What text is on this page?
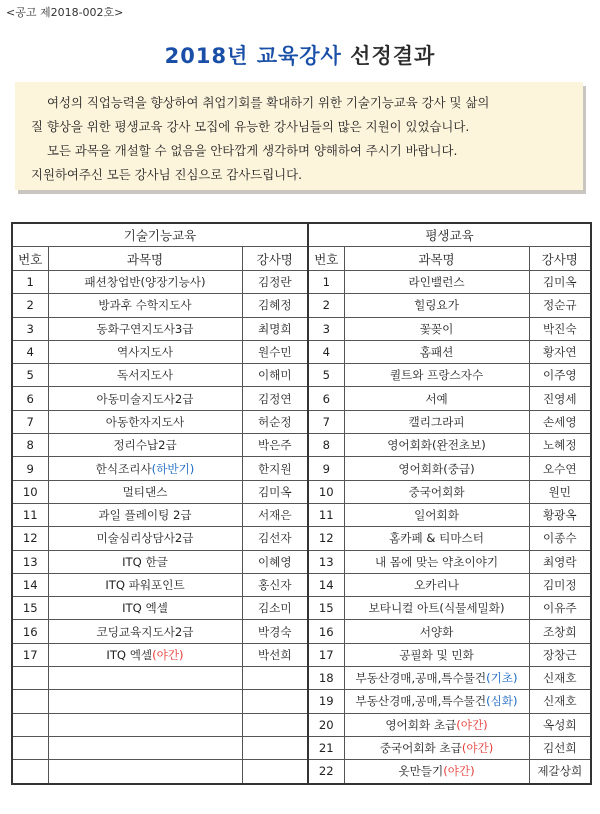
<공고 제2018-002호>
2018년 교육강사 선정결과

여성의 직업능력을 향상하여 취업기회를 확대하기 위한 기술기능교육 강사 및 삶의

질 향상을 위한 평생교육 강사 모집에 유능한 강사님들의 많은 지원이 있었습니다.

모든 과목을 개설할 수 없음을 안타깝게 생각하며 양해하여 주시기 바랍니다.

지원하여주신 모든 강사님 진심으로 감사드립니다.

기술기능교육			평생교육		
번호	과목명	강사명	번호	과목명	강사명
1	패션창업반(양장기능사)	김정란	1	라인밸런스	김미옥
2	방과후 수학지도사	김혜정	2	힐링요가	정순규
3	동화구연지도사3급	최명희	3	꽃꽂이	박진숙
4	역사지도사	원수민	4	홈패션	황자연
5	독서지도사	이해미	5	퀼트와 프랑스자수	이주영
6	아동미술지도사2급	김정연	6	서예	진영세
7	아동한자지도사	허순정	7	캘리그라피	손세영
8	정리수납2급	박은주	8	영어회화(완전초보)	노혜정
9	한식조리사(하반기)	한지원	9	영어회화(중급)	오수연
10	멀티댄스	김미옥	10	중국어회화	원민
11	과일 플레이팅 2급	서재은	11	일어회화	황광옥
12	미술심리상담사2급	김선자	12	홈카페 & 티마스터	이종수
13	ITQ 한글	이혜영	13	내 몸에 맞는 약초이야기	최영락
14	ITQ 파워포인트	홍신자	14	오카리나	김미정
15	ITQ 엑셀	김소미	15	보타니컬 아트(식물세밀화)	이유주
16	코딩교육지도사2급	박경숙	16	서양화	조창희
17	ITQ 엑셀(야간)	박선희	17	공필화 및 민화	장창근
			18	부동산경매,공매,특수물건(기초)	신재호
			19	부동산경매,공매,특수물건(심화)	신재호
			20	영어회화 초급(야간)	옥성희
			21	중국어회화 초급(야간)	김선희
			22	옷만들기(야간)	제갈상희
